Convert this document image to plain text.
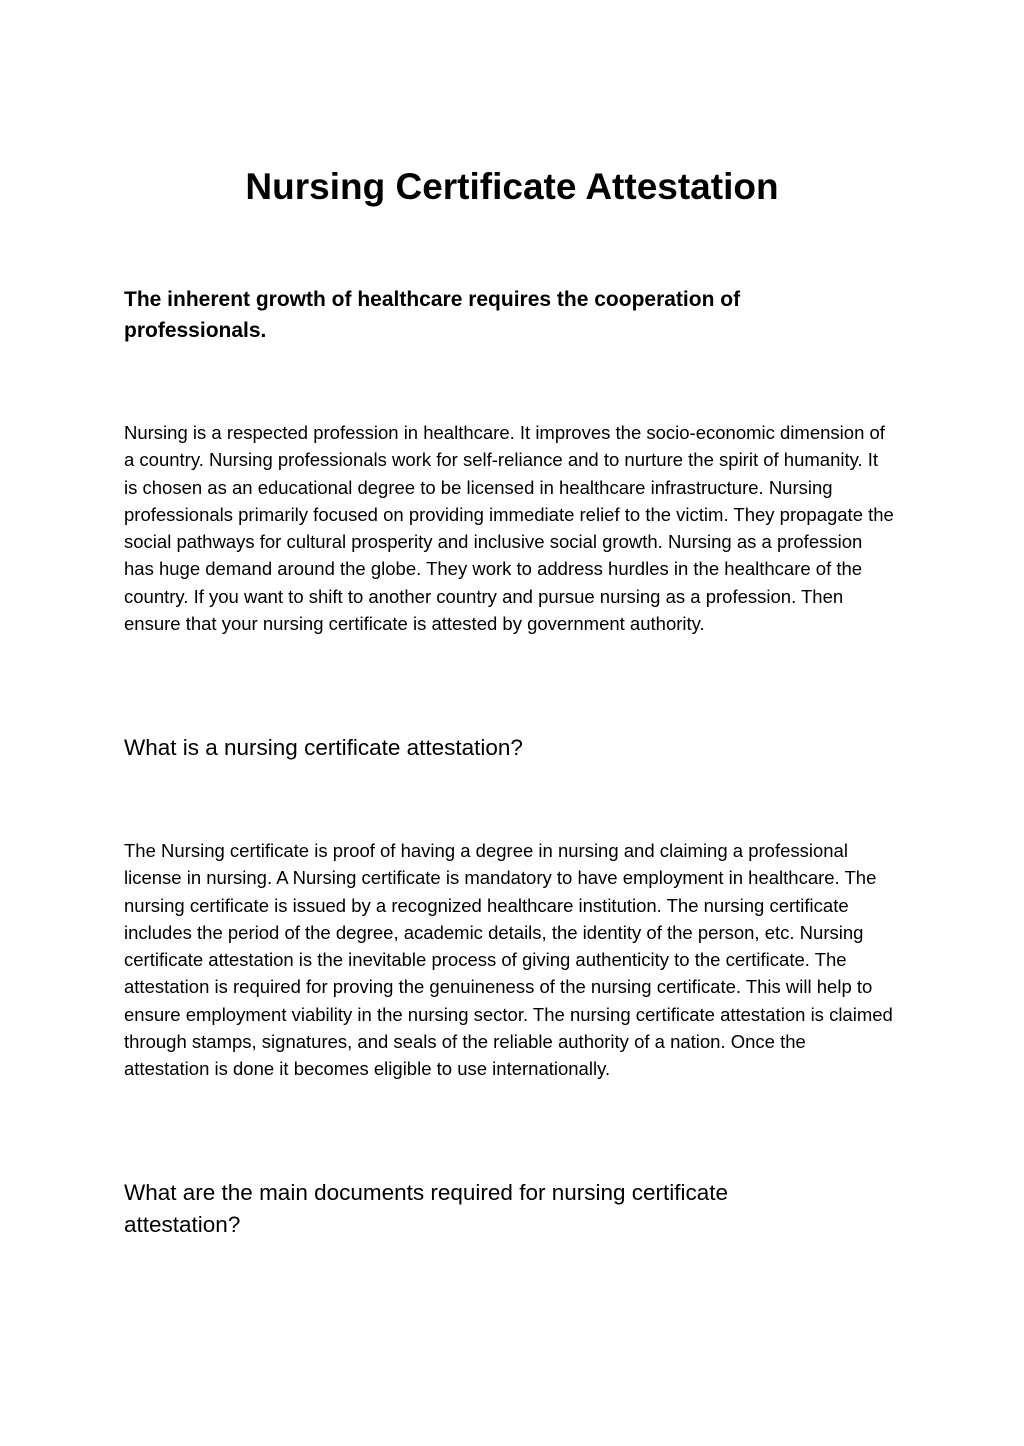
Nursing Certificate Attestation
The inherent growth of healthcare requires the cooperation of professionals.

Nursing is a respected profession in healthcare. It improves the socio-economic dimension of a country. Nursing professionals work for self-reliance and to nurture the spirit of humanity. It is chosen as an educational degree to be licensed in healthcare infrastructure. Nursing professionals primarily focused on providing immediate relief to the victim. They propagate the social pathways for cultural prosperity and inclusive social growth. Nursing as a profession has huge demand around the globe. They work to address hurdles in the healthcare of the country. If you want to shift to another country and pursue nursing as a profession. Then ensure that your nursing certificate is attested by government authority.

What is a nursing certificate attestation?

The Nursing certificate is proof of having a degree in nursing and claiming a professional license in nursing. A Nursing certificate is mandatory to have employment in healthcare. The nursing certificate is issued by a recognized healthcare institution. The nursing certificate includes the period of the degree, academic details, the identity of the person, etc. Nursing certificate attestation is the inevitable process of giving authenticity to the certificate. The attestation is required for proving the genuineness of the nursing certificate. This will help to ensure employment viability in the nursing sector. The nursing certificate attestation is claimed through stamps, signatures, and seals of the reliable authority of a nation. Once the attestation is done it becomes eligible to use internationally.

What are the main documents required for nursing certificate attestation?
